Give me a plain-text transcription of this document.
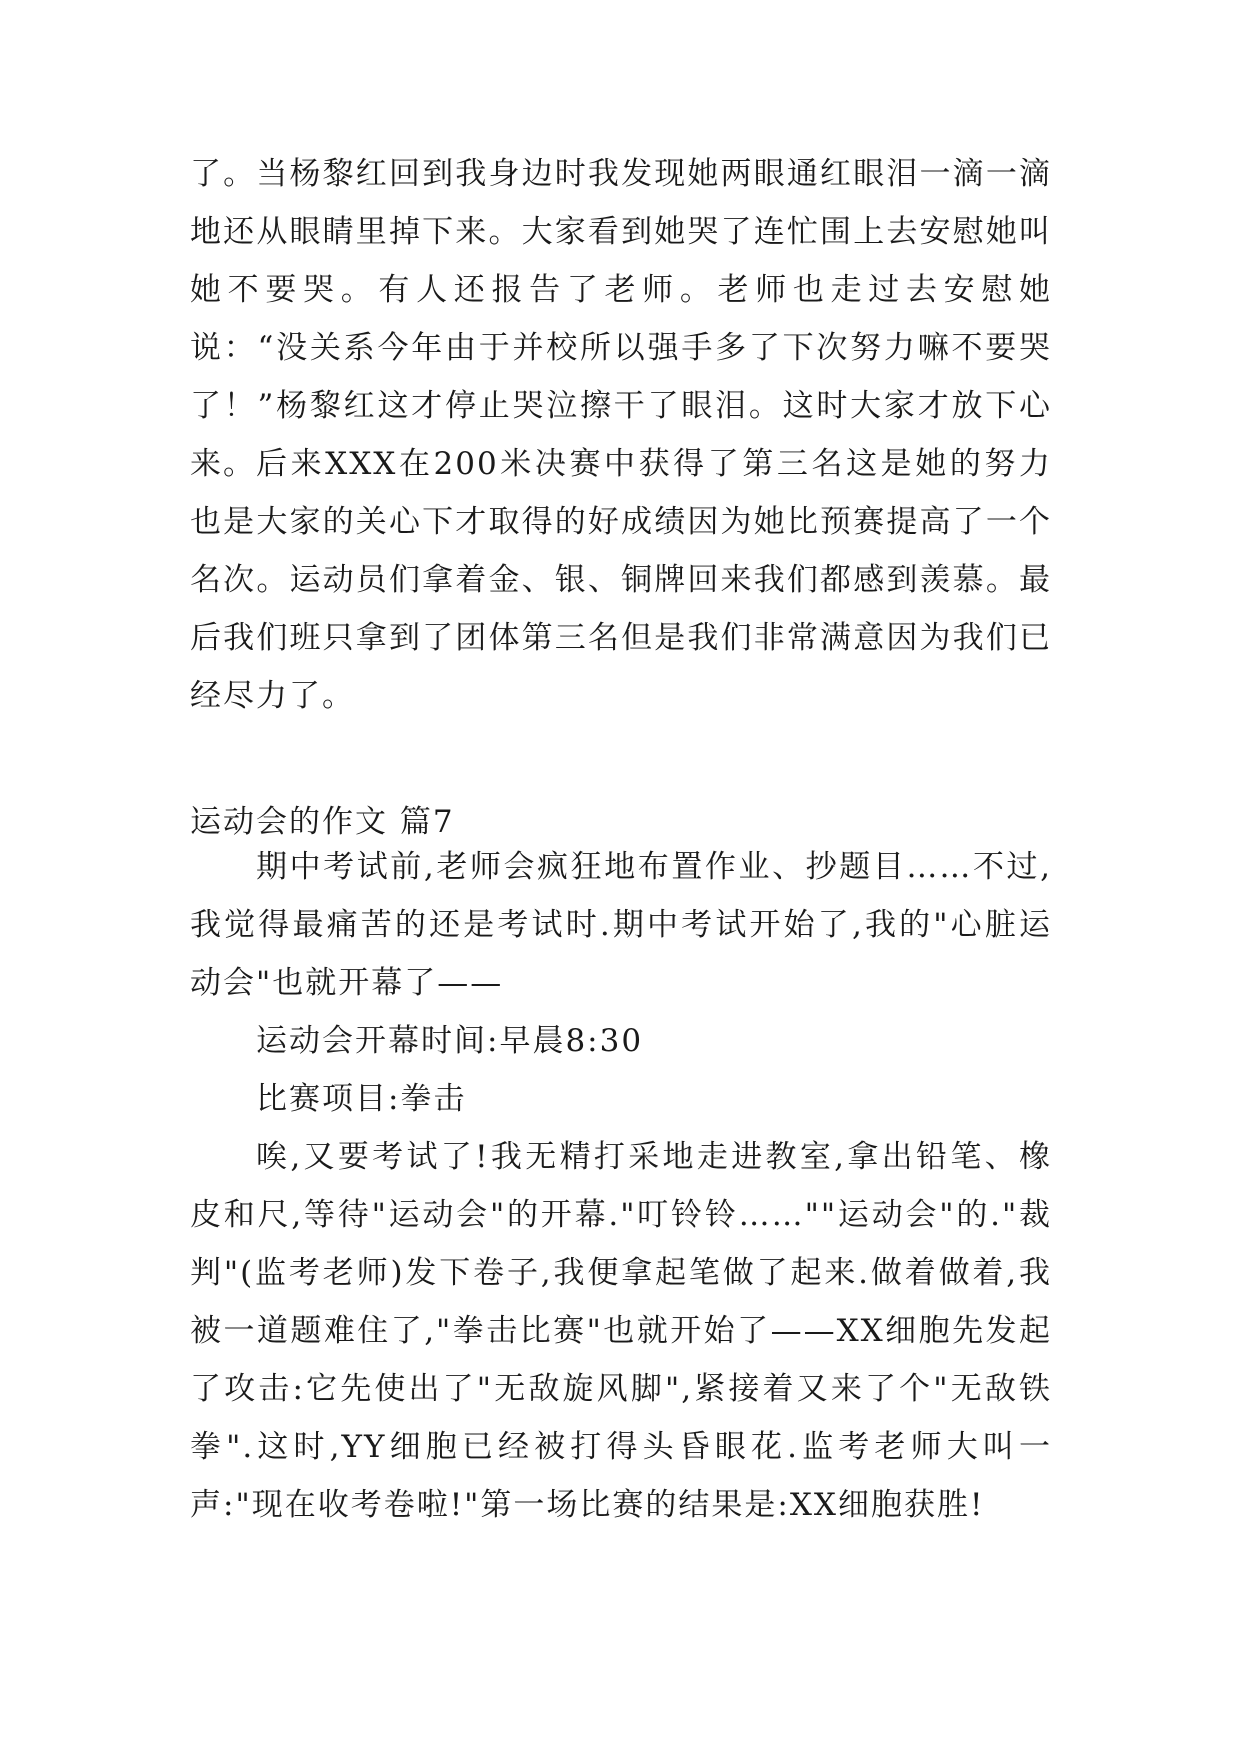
了。当杨黎红回到我身边时我发现她两眼通红眼泪一滴一滴地还从眼睛里掉下来。大家看到她哭了连忙围上去安慰她叫她不要哭。有人还报告了老师。老师也走过去安慰她说：“没关系今年由于并校所以强手多了下次努力嘛不要哭了！”杨黎红这才停止哭泣擦干了眼泪。这时大家才放下心来。 后来XXX在200米决赛中获得了第三名这是她的努力也是大家的关心下才取得的好成绩因为她比预赛提高了一个名次。运动员们拿着金、银、铜牌回来我们都感到羡慕。最后我们班只拿到了团体第三名但是我们非常满意因为我们已经尽力了。

运动会的作文 篇7

期中考试前,老师会疯狂地布置作业、抄题目……不过,我觉得最痛苦的还是考试时.期中考试开始了,我的"心脏运动会"也就开幕了——

运动会开幕时间:早晨8:30

比赛项目:拳击

唉,又要考试了!我无精打采地走进教室,拿出铅笔、橡皮和尺,等待"运动会"的开幕."叮铃铃……""运动会"的."裁判"(监考老师)发下卷子,我便拿起笔做了起来.做着做着,我被一道题难住了,"拳击比赛"也就开始了——XX细胞先发起了攻击:它先使出了"无敌旋风脚",紧接着又来了个"无敌铁拳".这时,YY细胞已经被打得头昏眼花.监考老师大叫一声:"现在收考卷啦!"第一场比赛的结果是:XX细胞获胜!
